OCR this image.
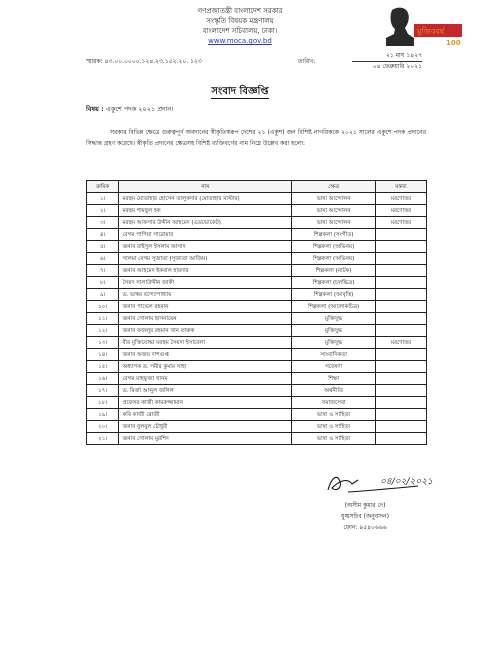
গণপ্রজাতন্ত্রী বাংলাদেশ সরকার
সংস্কৃতি বিষয়ক মন্ত্রণালয়
বাংলাদেশ সচিবালয়, ঢাকা।
www.moca.gov.bd
মুজিববর্ষ
100
স্মারক: ৪৩.০০.০০০০.১২৪.২৩.১৫২.২০. ১২৩	তারিখ:
২১ মাঘ ১৪২৭
০৪ ফেব্রুয়ারি ২০২১
সংবাদ বিজ্ঞপ্তি
বিষয় : একুশে পদক ২০২১ প্রদান।
সরকার বিভিন্ন ক্ষেত্রে গুরুত্বপূর্ণ অবদানের স্বীকৃতিস্বরূপ দেশের ২১ (একুশ) জন বিশিষ্ট নাগরিককে ২০২১ সালের একুশে পদক প্রদানের সিদ্ধান্ত গ্রহণ করেছে। স্বীকৃতি প্রদানের ক্ষেত্রসহ বিশিষ্ট ব্যক্তিবর্গের নাম নিম্নে উল্লেখ করা হলো:
ক্রমিক	নাম	ক্ষেত্র	মন্তব্য
১।	মরহুম মোতাহার হোসেন তালুকদার (মোতাহার মাস্টার)	ভাষা আন্দোলন	মরণোত্তর
২।	মরহুম শামছুল হক	ভাষা আন্দোলন	মরণোত্তর
৩।	মরহুম আফসার উদ্দীন আহমেদ (এডভোকেট)	ভাষা আন্দোলন	মরণোত্তর
৪।	বেগম পাপিয়া সারোয়ার	শিল্পকলা (সংগীত)	
৫।	জনাব রাইসুল ইসলাম আসাদ	শিল্পকলা (অভিনয়)	
৬।	সালমা বেগম সুজাতা (সুজাতা আজিম)	শিল্পকলা (অভিনয়)	
৭।	জনাব আহমেদ ইকবাল হায়দার	শিল্পকলা (নাটক)	
৮।	সৈয়দ সালাউদ্দীন জাকী	শিল্পকলা (চলচ্চিত্র)	
৯।	ড. ভাস্বর বন্দ্যোপাধ্যায়	শিল্পকলা (আবৃত্তি)	
১০।	জনাব পাভেল রহমান	শিল্পকলা (আলোকচিত্র)	
১১।	জনাব গোলাম হাসনায়েন	মুক্তিযুদ্ধ	
১২।	জনাব ফজলুর রহমান খান ফারুক	মুক্তিযুদ্ধ	
১৩।	বীর মুক্তিযোদ্ধা মরহুম সৈয়দা ইসাবেলা	মুক্তিযুদ্ধ	মরণোত্তর
১৪।	জনাব অজয় দাশগুপ্ত	সাংবাদিকতা	
১৫।	অধ্যাপক ড. সমীর কুমার সাহা	গবেষণা	
১৬।	বেগম মাহফুজা খানম	শিক্ষা	
১৭।	ড. মির্জা আব্দুল জলিল	অর্থনীতি	
১৮।	প্রফেসর কাজী কামরুজ্জামান	সমাজসেবা	
১৯।	কবি কাজী রোজী	ভাষা ও সাহিত্য	
২০।	জনাব বুলবুল চৌধুরী	ভাষা ও সাহিত্য	
২১।	জনাব গোলাম মুরশিদ	ভাষা ও সাহিত্য	
০৪/০২/২০২১
(অসীম কুমার দে)
যুগ্মসচিব (অনুবাদন)
ফোন: ৯৫৪০৬৬৬
